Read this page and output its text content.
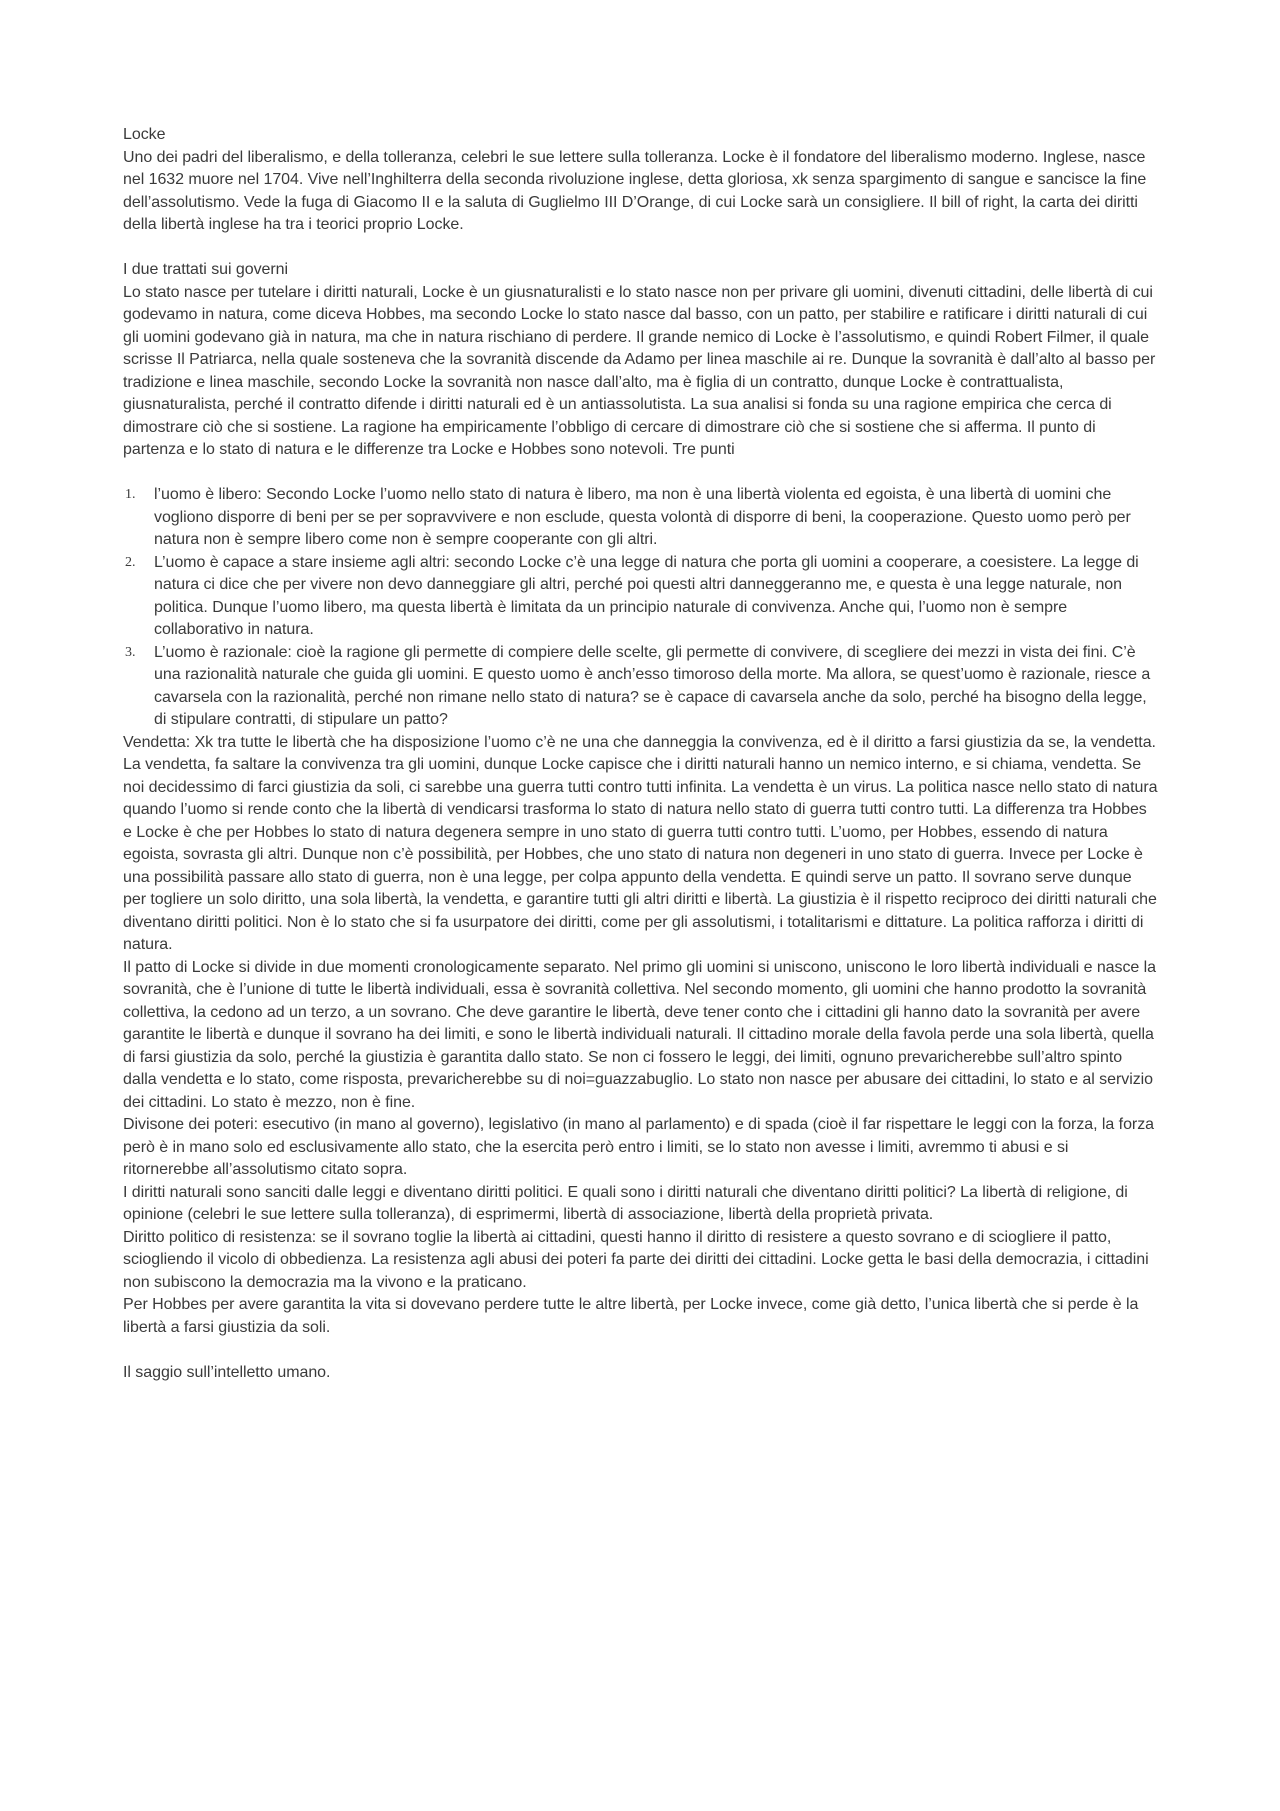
Locke

Uno dei padri del liberalismo, e della tolleranza, celebri le sue lettere sulla tolleranza. Locke è il fondatore del liberalismo moderno. Inglese, nasce nel 1632 muore nel 1704. Vive nell’Inghilterra della seconda rivoluzione inglese, detta gloriosa, xk senza spargimento di sangue e sancisce la fine dell’assolutismo. Vede la fuga di Giacomo II e la saluta di Guglielmo III D’Orange, di cui Locke sarà un consigliere. Il bill of right, la carta dei diritti della libertà inglese ha tra i teorici proprio Locke.

I due trattati sui governi

Lo stato nasce per tutelare i diritti naturali, Locke è un giusnaturalisti e lo stato nasce non per privare gli uomini, divenuti cittadini, delle libertà di cui godevamo in natura, come diceva Hobbes, ma secondo Locke lo stato nasce dal basso, con un patto, per stabilire e ratificare i diritti naturali di cui gli uomini godevano già in natura, ma che in natura rischiano di perdere. Il grande nemico di Locke è l’assolutismo, e quindi Robert Filmer, il quale scrisse Il Patriarca, nella quale sosteneva che la sovranità discende da Adamo per linea maschile ai re. Dunque la sovranità è dall’alto al basso per tradizione e linea maschile, secondo Locke la sovranità non nasce dall’alto, ma è figlia di un contratto, dunque Locke è contrattualista, giusnaturalista, perché il contratto difende i diritti naturali ed è un antiassolutista. La sua analisi si fonda su una ragione empirica che cerca di dimostrare ciò che si sostiene. La ragione ha empiricamente l’obbligo di cercare di dimostrare ciò che si sostiene che si afferma. Il punto di partenza e lo stato di natura e le differenze tra Locke e Hobbes sono notevoli. Tre punti

1. l’uomo è libero: Secondo Locke l’uomo nello stato di natura è libero, ma non è una libertà violenta ed egoista, è una libertà di uomini che vogliono disporre di beni per se per sopravvivere e non esclude, questa volontà di disporre di beni, la cooperazione. Questo uomo però per natura non è sempre libero come non è sempre cooperante con gli altri.
2. L’uomo è capace a stare insieme agli altri: secondo Locke c’è una legge di natura che porta gli uomini a cooperare, a coesistere. La legge di natura ci dice che per vivere non devo danneggiare gli altri, perché poi questi altri danneggeranno me, e questa è una legge naturale, non politica. Dunque l’uomo libero, ma questa libertà è limitata da un principio naturale di convivenza. Anche qui, l’uomo non è sempre collaborativo in natura.
3. L’uomo è razionale: cioè la ragione gli permette di compiere delle scelte, gli permette di convivere, di scegliere dei mezzi in vista dei fini. C’è una razionalità naturale che guida gli uomini. E questo uomo è anch’esso timoroso della morte. Ma allora, se quest’uomo è razionale, riesce a cavarsela con la razionalità, perché non rimane nello stato di natura? se è capace di cavarsela anche da solo, perché ha bisogno della legge, di stipulare contratti, di stipulare un patto?

Vendetta: Xk tra tutte le libertà che ha disposizione l’uomo c’è ne una che danneggia la convivenza, ed è il diritto a farsi giustizia da se, la vendetta. La vendetta, fa saltare la convivenza tra gli uomini, dunque Locke capisce che i diritti naturali hanno un nemico interno, e si chiama, vendetta. Se noi decidessimo di farci giustizia da soli, ci sarebbe una guerra tutti contro tutti infinita. La vendetta è un virus. La politica nasce nello stato di natura quando l’uomo si rende conto che la libertà di vendicarsi trasforma lo stato di natura nello stato di guerra tutti contro tutti. La differenza tra Hobbes e Locke è che per Hobbes lo stato di natura degenera sempre in uno stato di guerra tutti contro tutti. L’uomo, per Hobbes, essendo di natura egoista, sovrasta gli altri. Dunque non c’è possibilità, per Hobbes, che uno stato di natura non degeneri in uno stato di guerra. Invece per Locke è una possibilità passare allo stato di guerra, non è una legge, per colpa appunto della vendetta. E quindi serve un patto. Il sovrano serve dunque per togliere un solo diritto, una sola libertà, la vendetta, e garantire tutti gli altri diritti e libertà. La giustizia è il rispetto reciproco dei diritti naturali che diventano diritti politici. Non è lo stato che si fa usurpatore dei diritti, come per gli assolutismi, i totalitarismi e dittature. La politica rafforza i diritti di natura.

Il patto di Locke si divide in due momenti cronologicamente separato. Nel primo gli uomini si uniscono, uniscono le loro libertà individuali e nasce la sovranità, che è l’unione di tutte le libertà individuali, essa è sovranità collettiva. Nel secondo momento, gli uomini che hanno prodotto la sovranità collettiva, la cedono ad un terzo, a un sovrano. Che deve garantire le libertà, deve tener conto che i cittadini gli hanno dato la sovranità per avere garantite le libertà e dunque il sovrano ha dei limiti, e sono le libertà individuali naturali. Il cittadino morale della favola perde una sola libertà, quella di farsi giustizia da solo, perché la giustizia è garantita dallo stato. Se non ci fossero le leggi, dei limiti, ognuno prevaricherebbe sull’altro spinto dalla vendetta e lo stato, come risposta, prevaricherebbe su di noi=guazzabuglio. Lo stato non nasce per abusare dei cittadini, lo stato e al servizio dei cittadini. Lo stato è mezzo, non è fine.

Divisone dei poteri: esecutivo (in mano al governo), legislativo (in mano al parlamento) e di spada (cioè il far rispettare le leggi con la forza, la forza però è in mano solo ed esclusivamente allo stato, che la esercita però entro i limiti, se lo stato non avesse i limiti, avremmo ti abusi e si ritornerebbe all’assolutismo citato sopra.

I diritti naturali sono sanciti dalle leggi e diventano diritti politici. E quali sono i diritti naturali che diventano diritti politici? La libertà di religione, di opinione (celebri le sue lettere sulla tolleranza), di esprimermi, libertà di associazione, libertà della proprietà privata.

Diritto politico di resistenza: se il sovrano toglie la libertà ai cittadini, questi hanno il diritto di resistere a questo sovrano e di sciogliere il patto, sciogliendo il vicolo di obbedienza. La resistenza agli abusi dei poteri fa parte dei diritti dei cittadini. Locke getta le basi della democrazia, i cittadini non subiscono la democrazia ma la vivono e la praticano.

Per Hobbes per avere garantita la vita si dovevano perdere tutte le altre libertà, per Locke invece, come già detto, l’unica libertà che si perde è la libertà a farsi giustizia da soli.

Il saggio sull’intelletto umano.
